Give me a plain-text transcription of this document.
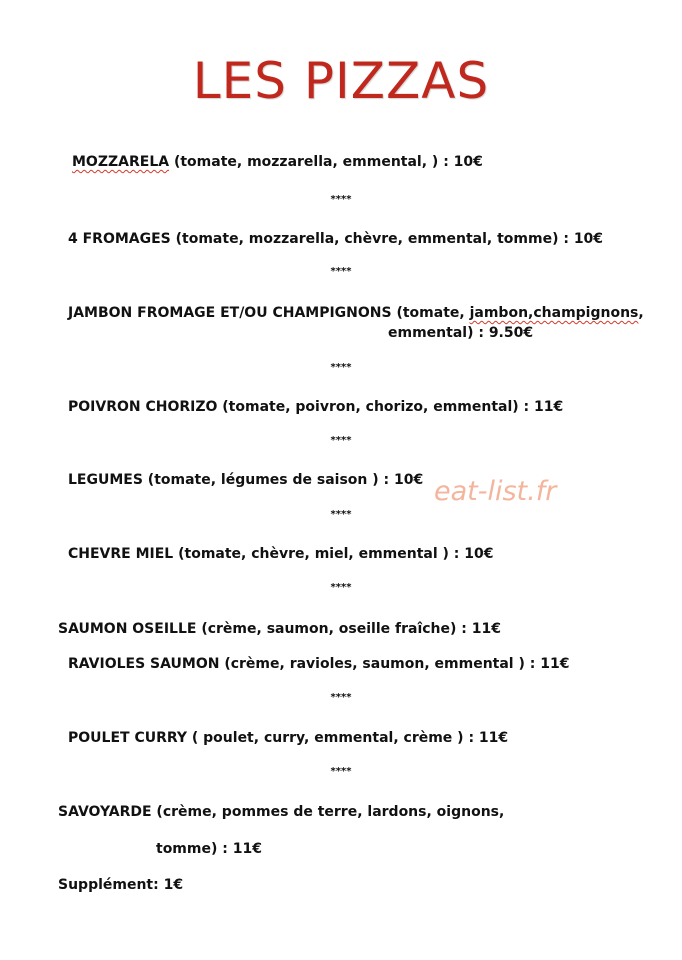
LES PIZZAS
MOZZARELA (tomate, mozzarella, emmental, ) : 10€
****
4 FROMAGES (tomate, mozzarella, chèvre, emmental, tomme) : 10€
****
JAMBON FROMAGE ET/OU CHAMPIGNONS (tomate, jambon,champignons,
emmental) : 9.50€
****
POIVRON CHORIZO (tomate, poivron, chorizo, emmental) : 11€
****
LEGUMES (tomate, légumes de saison ) : 10€
****
CHEVRE MIEL (tomate, chèvre, miel, emmental ) : 10€
****
SAUMON OSEILLE (crème, saumon, oseille fraîche) : 11€
RAVIOLES SAUMON (crème, ravioles, saumon, emmental ) : 11€
****
POULET CURRY ( poulet, curry, emmental, crème ) : 11€
****
SAVOYARDE (crème, pommes de terre, lardons, oignons,
tomme) : 11€
Supplément: 1€
eat-list.fr
